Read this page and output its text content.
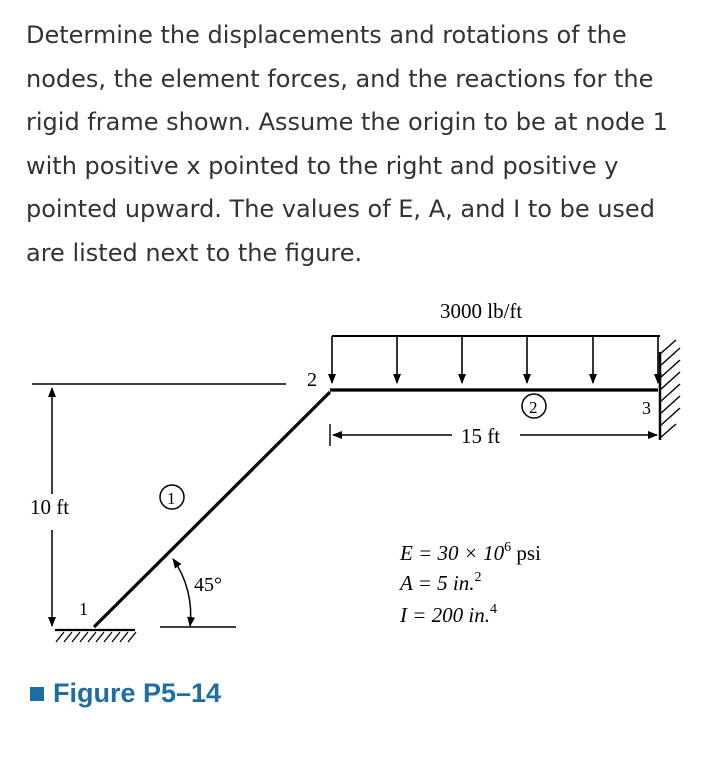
Determine the displacements and rotations of the nodes, the element forces, and the reactions for the rigid frame shown. Assume the origin to be at node 1 with positive x pointed to the right and positive y pointed upward. The values of E, A, and I to be used are listed next to the figure.

3000 lb/ft
10 ft
15 ft
45°
1
2
3
1
2
$E = 30 \times 10^6$ psi
A = 5 in.$^2$
I = 200 in.$^4$
Figure P5–14
